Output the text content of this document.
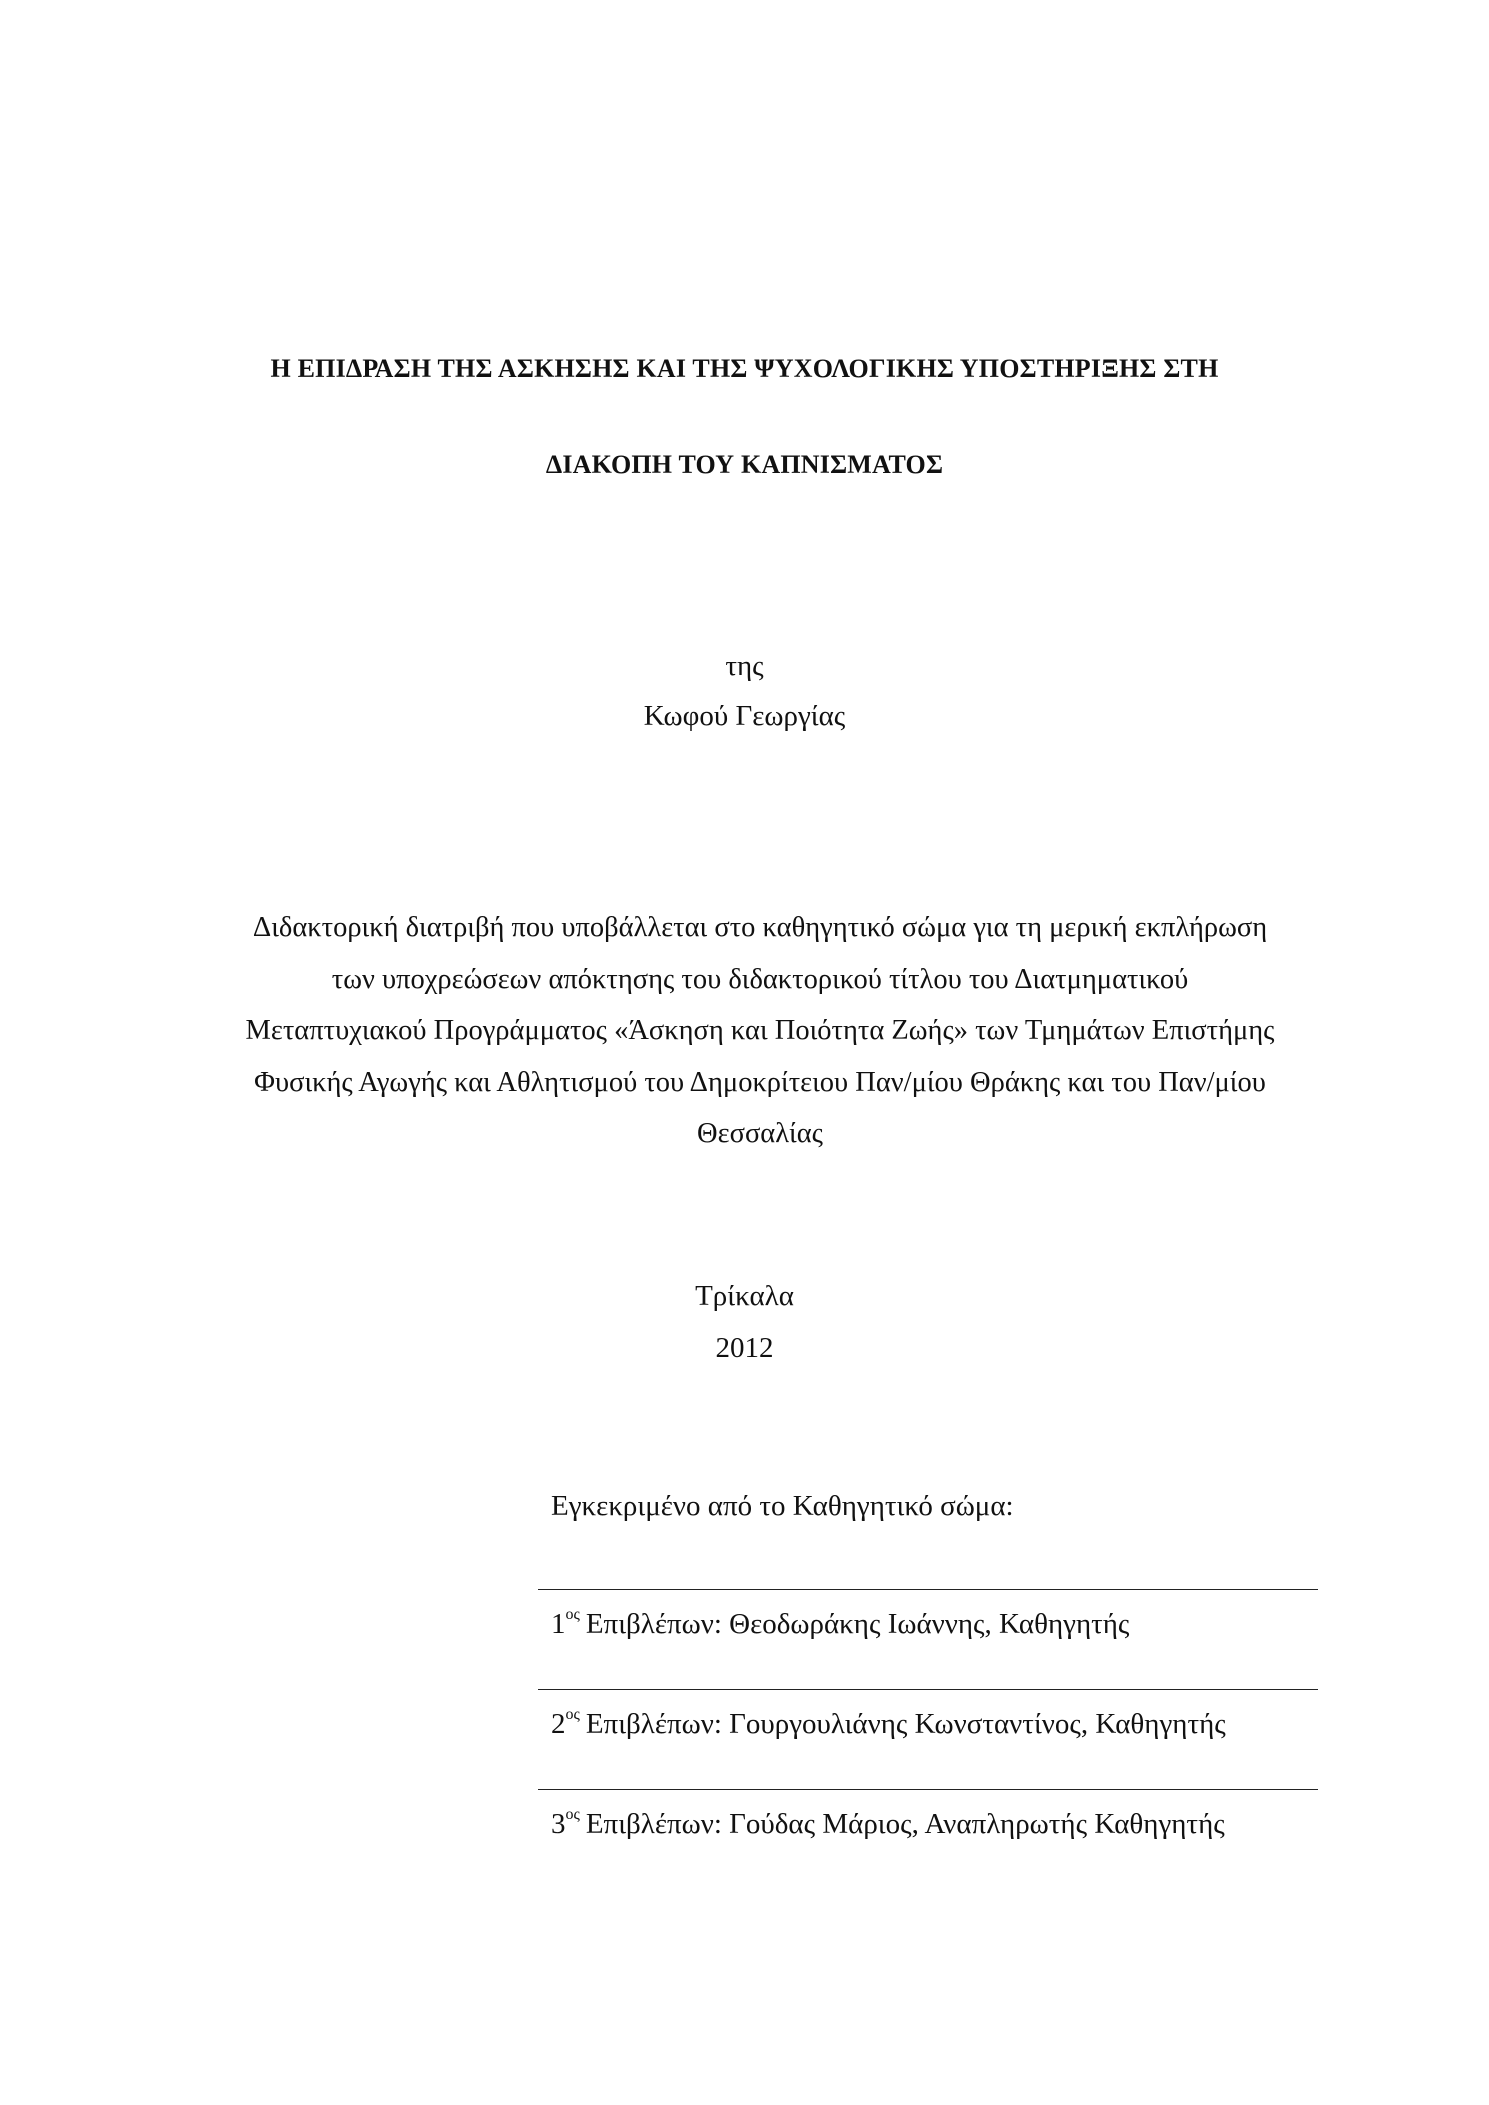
Η ΕΠΙΔΡΑΣΗ ΤΗΣ ΑΣΚΗΣΗΣ ΚΑΙ ΤΗΣ ΨΥΧΟΛΟΓΙΚΗΣ ΥΠΟΣΤΗΡΙΞΗΣ ΣΤΗ
ΔΙΑΚΟΠΗ ΤΟΥ ΚΑΠΝΙΣΜΑΤΟΣ
της
Κωφού Γεωργίας
Διδακτορική διατριβή που υποβάλλεται στο καθηγητικό σώμα για τη μερική εκπλήρωση
των υποχρεώσεων απόκτησης του διδακτορικού τίτλου του Διατμηματικού
Μεταπτυχιακού Προγράμματος «Άσκηση και Ποιότητα Ζωής» των Τμημάτων Επιστήμης
Φυσικής Αγωγής και Αθλητισμού του Δημοκρίτειου Παν/μίου Θράκης και του Παν/μίου
Θεσσαλίας
Τρίκαλα
2012
Εγκεκριμένο από το Καθηγητικό σώμα:
$1^{o\varsigma}$ Επιβλέπων: Θεοδωράκης Ιωάννης, Καθηγητής
$2^{o\varsigma}$ Επιβλέπων: Γουργουλιάνης Κωνσταντίνος, Καθηγητής
$3^{o\varsigma}$ Επιβλέπων: Γούδας Μάριος, Αναπληρωτής Καθηγητής
